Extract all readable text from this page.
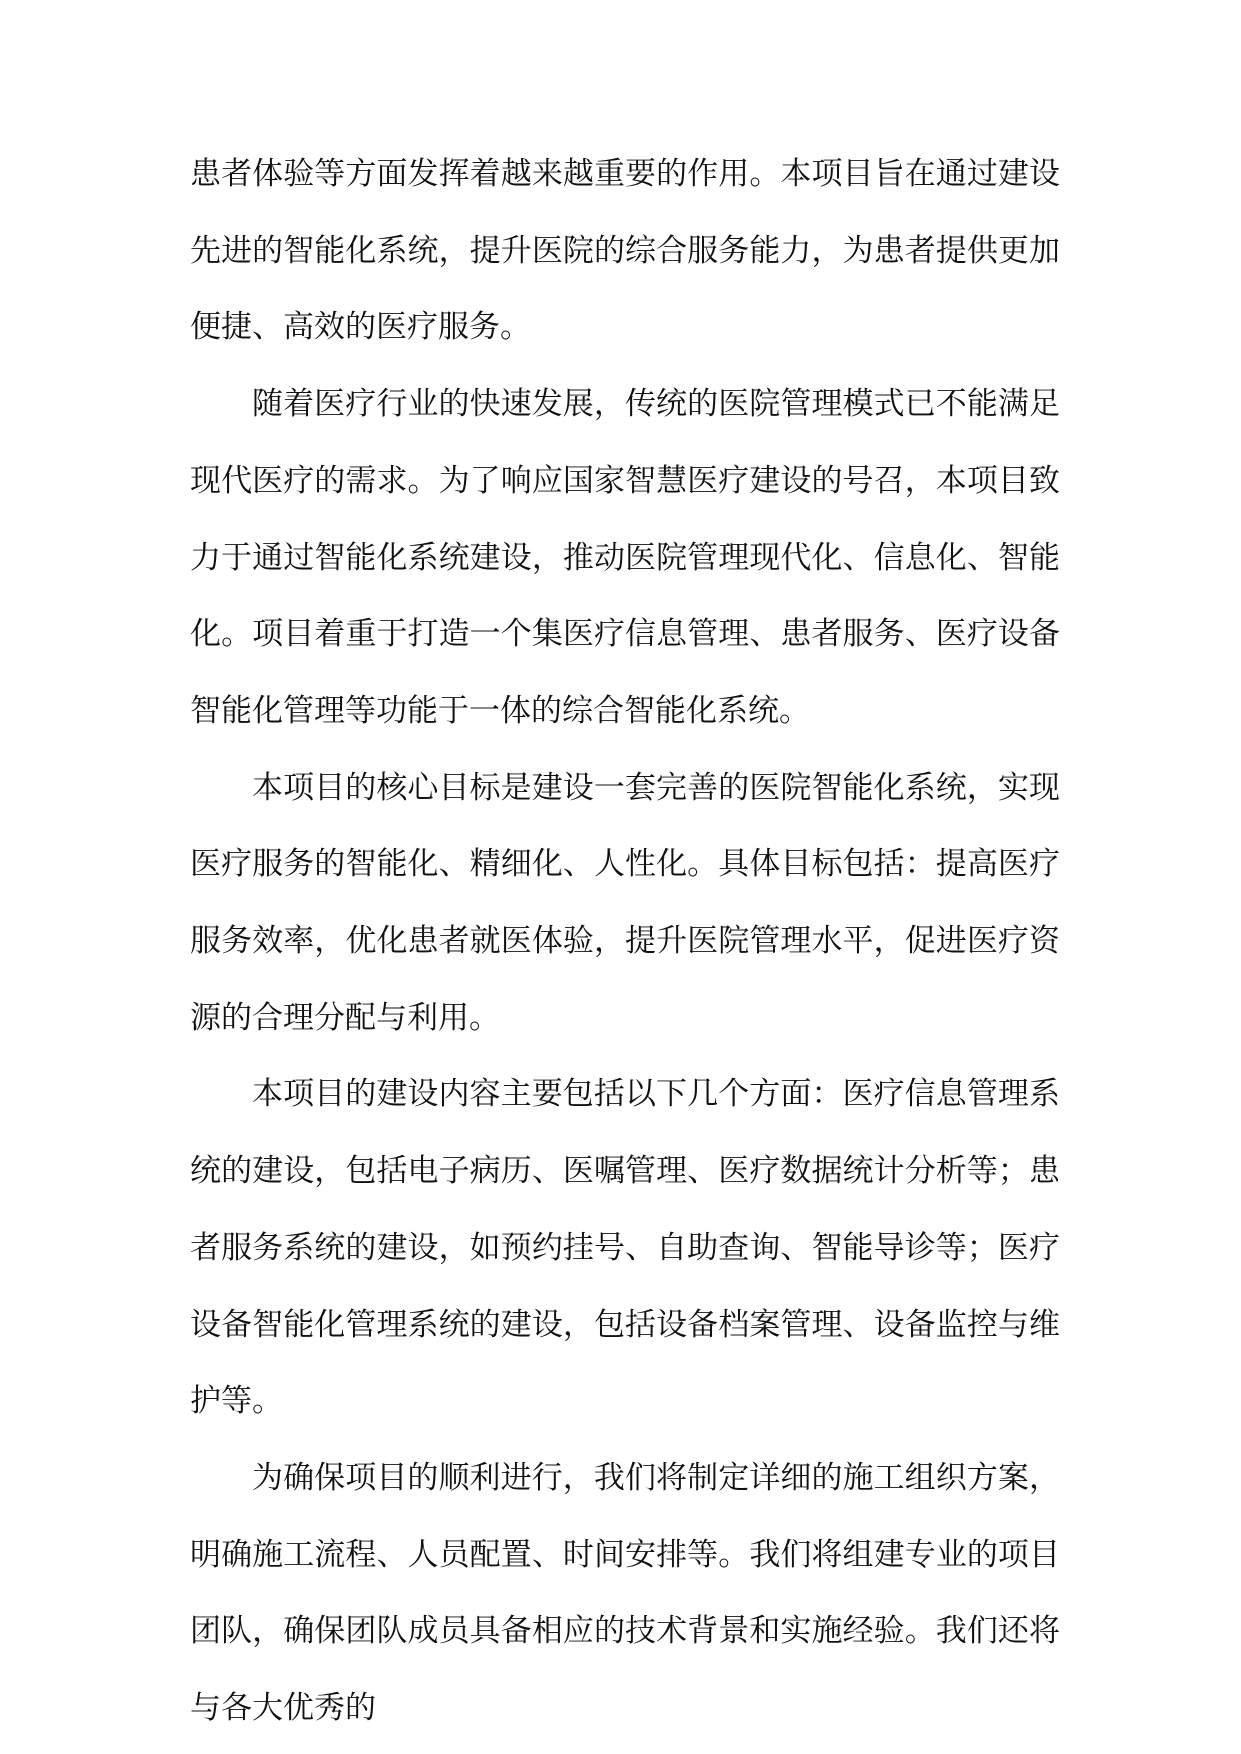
患者体验等方面发挥着越来越重要的作用。本项目旨在通过建设先进的智能化系统，提升医院的综合服务能力，为患者提供更加便捷、高效的医疗服务。

随着医疗行业的快速发展，传统的医院管理模式已不能满足现代医疗的需求。为了响应国家智慧医疗建设的号召，本项目致力于通过智能化系统建设，推动医院管理现代化、信息化、智能化。项目着重于打造一个集医疗信息管理、患者服务、医疗设备智能化管理等功能于一体的综合智能化系统。

本项目的核心目标是建设一套完善的医院智能化系统，实现医疗服务的智能化、精细化、人性化。具体目标包括：提高医疗服务效率，优化患者就医体验，提升医院管理水平，促进医疗资源的合理分配与利用。

本项目的建设内容主要包括以下几个方面：医疗信息管理系统的建设，包括电子病历、医嘱管理、医疗数据统计分析等；患者服务系统的建设，如预约挂号、自助查询、智能导诊等；医疗设备智能化管理系统的建设，包括设备档案管理、设备监控与维护等。

为确保项目的顺利进行，我们将制定详细的施工组织方案，明确施工流程、人员配置、时间安排等。我们将组建专业的项目团队，确保团队成员具备相应的技术背景和实施经验。我们还将与各大优秀的
